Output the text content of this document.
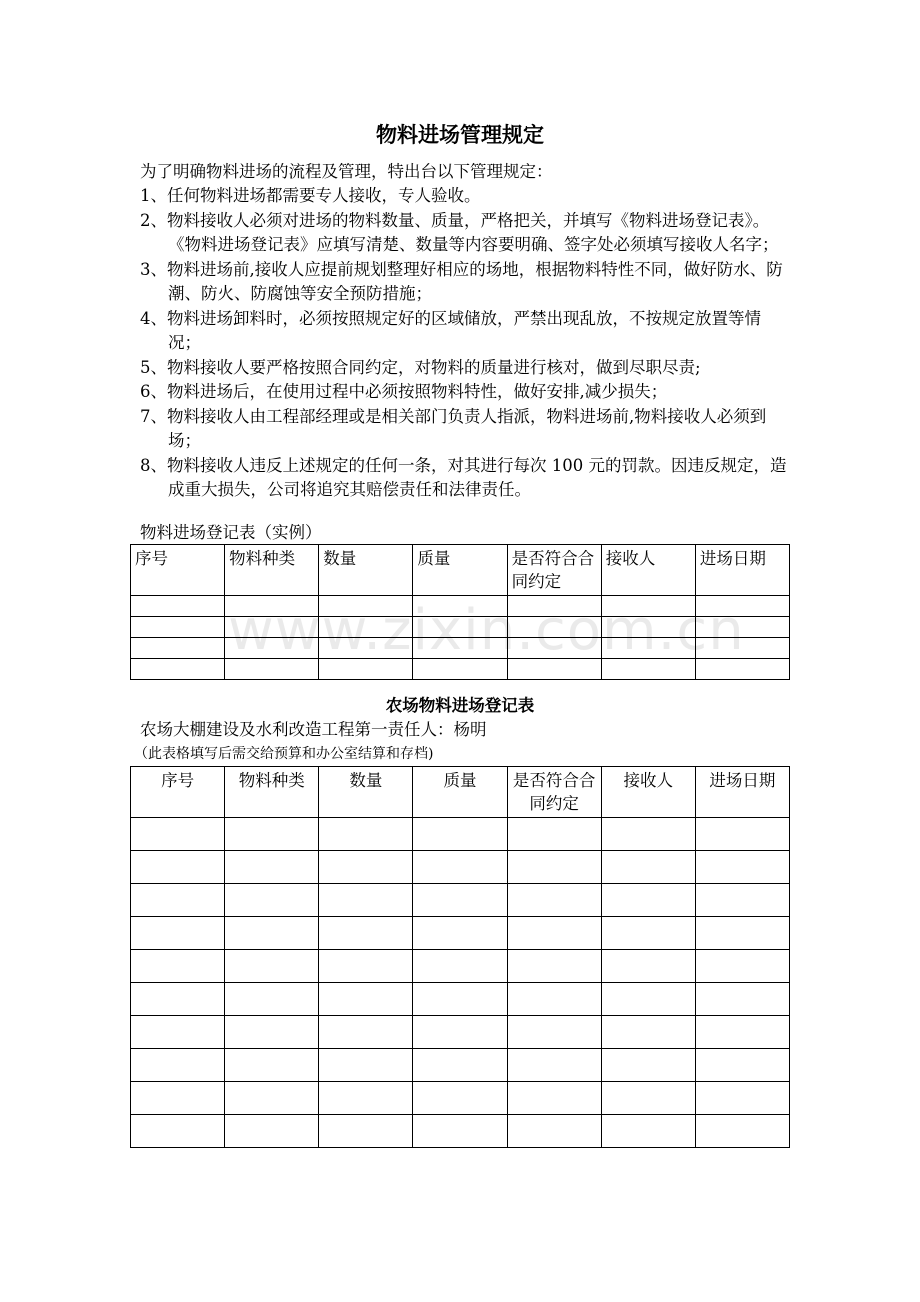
物料进场管理规定
为了明确物料进场的流程及管理，特出台以下管理规定：
1、任何物料进场都需要专人接收，专人验收。
2、物料接收人必须对进场的物料数量、质量，严格把关，并填写《物料进场登记表》。《物料进场登记表》应填写清楚、数量等内容要明确、签字处必须填写接收人名字；
3、物料进场前,接收人应提前规划整理好相应的场地，根据物料特性不同，做好防水、防潮、防火、防腐蚀等安全预防措施；
4、物料进场卸料时，必须按照规定好的区域储放，严禁出现乱放，不按规定放置等情况；
5、物料接收人要严格按照合同约定，对物料的质量进行核对，做到尽职尽责;
6、物料进场后，在使用过程中必须按照物料特性，做好安排,减少损失；
7、物料接收人由工程部经理或是相关部门负责人指派，物料进场前,物料接收人必须到场；
8、物料接收人违反上述规定的任何一条，对其进行每次 100 元的罚款。因违反规定，造成重大损失，公司将追究其赔偿责任和法律责任。
物料进场登记表（实例）
序号	物料种类	数量	质量	是否符合合同约定	接收人	进场日期

农场物料进场登记表
农场大棚建设及水利改造工程第一责任人：杨明
（此表格填写后需交给预算和办公室结算和存档)
序号	物料种类	数量	质量	是否符合合同约定	接收人	进场日期

www.zixin.com.cn
